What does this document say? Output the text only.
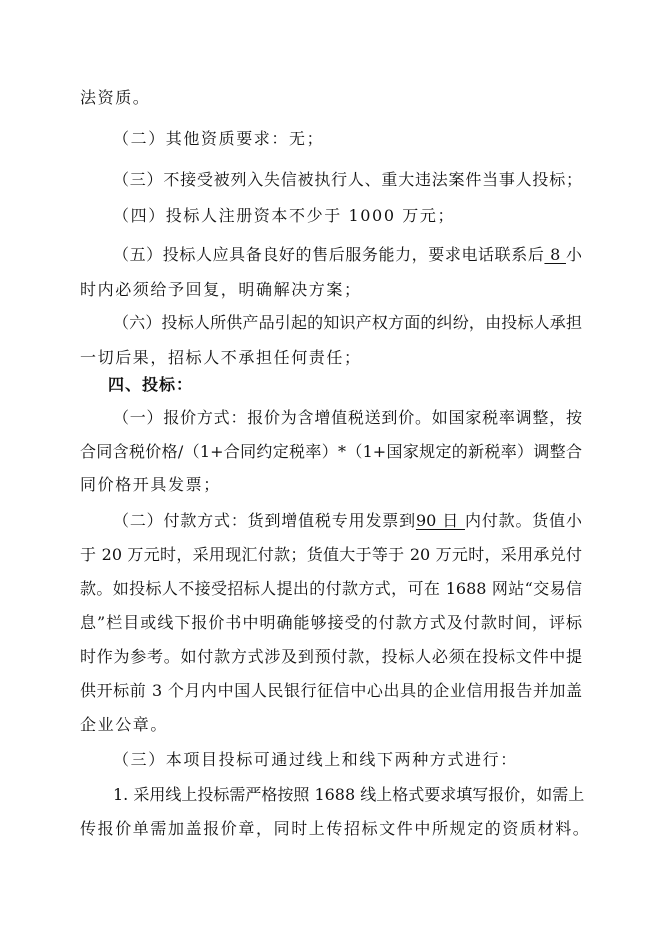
法资质。
（二）其他资质要求：无；
（三）不接受被列入失信被执行人、重大违法案件当事人投标；
（四）投标人注册资本不少于 1000 万元；
（五）投标人应具备良好的售后服务能力，要求电话联系后 8 小
时内必须给予回复，明确解决方案；
（六）投标人所供产品引起的知识产权方面的纠纷，由投标人承担
一切后果，招标人不承担任何责任；
四、投标：
（一）报价方式：报价为含增值税送到价。如国家税率调整，按
合同含税价格/（1+合同约定税率）*（1+国家规定的新税率）调整合
同价格开具发票；
（二）付款方式：货到增值税专用发票到90 日 内付款。货值小
于 20 万元时，采用现汇付款；货值大于等于 20 万元时，采用承兑付
款。如投标人不接受招标人提出的付款方式，可在 1688 网站“交易信
息”栏目或线下报价书中明确能够接受的付款方式及付款时间，评标
时作为参考。如付款方式涉及到预付款，投标人必须在投标文件中提
供开标前 3 个月内中国人民银行征信中心出具的企业信用报告并加盖
企业公章。
（三）本项目投标可通过线上和线下两种方式进行：
1. 采用线上投标需严格按照 1688 线上格式要求填写报价，如需上
传报价单需加盖报价章，同时上传招标文件中所规定的资质材料。
